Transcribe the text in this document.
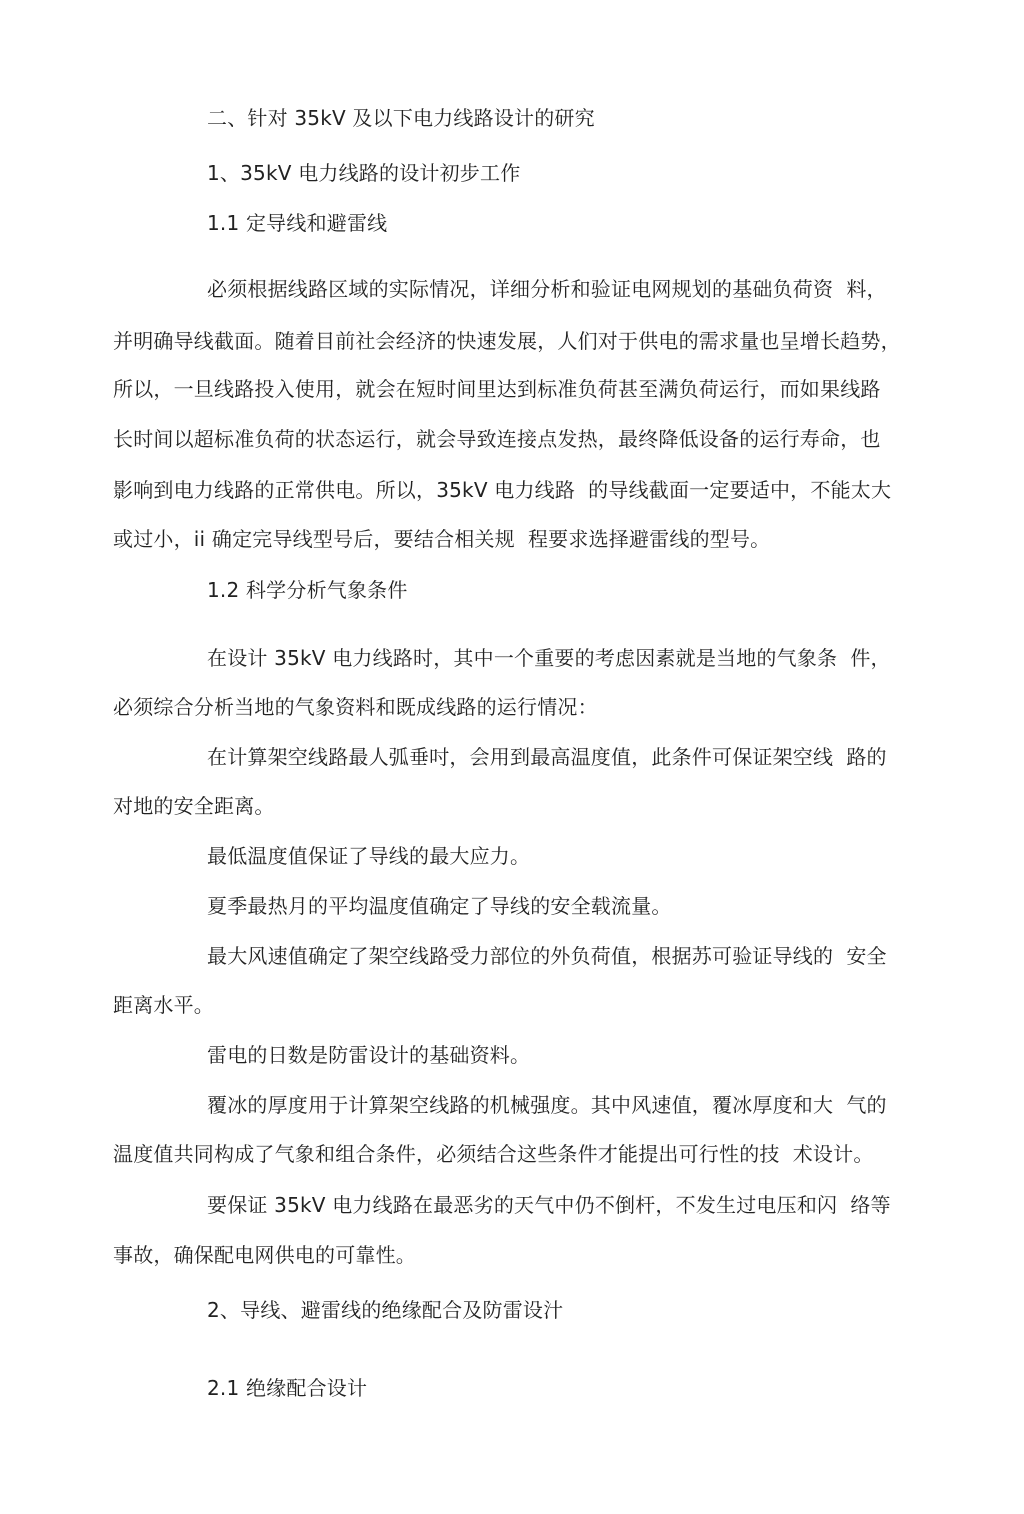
二、针对 35kV 及以下电力线路设计的研究
1、35kV 电力线路的设计初步工作
1.1 定导线和避雷线
必须根据线路区域的实际情况，详细分析和验证电网规划的基础负荷资  料，
并明确导线截面。随着目前社会经济的快速发展，人们对于供电的需求量也呈增长趋势，
所以，一旦线路投入使用，就会在短时间里达到标准负荷甚至满负荷运行，而如果线路
长时间以超标准负荷的状态运行，就会导致连接点发热，最终降低设备的运行寿命，也
影响到电力线路的正常供电。所以，35kV 电力线路  的导线截面一定要适中，不能太大
或过小，ii 确定完导线型号后，要结合相关规  程要求选择避雷线的型号。
1.2 科学分析气象条件
在设计 35kV 电力线路时，其中一个重要的考虑因素就是当地的气象条  件，
必须综合分析当地的气象资料和既成线路的运行情况：
在计算架空线路最人弧垂吋，会用到最高温度值，此条件可保证架空线  路的
对地的安全距离。
最低温度值保证了导线的最大应力。
夏季最热月的平均温度值确定了导线的安全载流量。
最大风速值确定了架空线路受力部位的外负荷值，根据苏可验证导线的  安全
距离水平。
雷电的日数是防雷设计的基础资料。
覆冰的厚度用于计算架空线路的机械强度。其中风速值，覆冰厚度和大  气的
温度值共同构成了气象和组合条件，必须结合这些条件才能提出可行性的技  术设计。
要保证 35kV 电力线路在最恶劣的天气中仍不倒杆，不发生过电压和闪  络等
事故，确保配电网供电的可靠性。
2、导线、避雷线的绝缘配合及防雷设汁
2.1 绝缘配合设计
